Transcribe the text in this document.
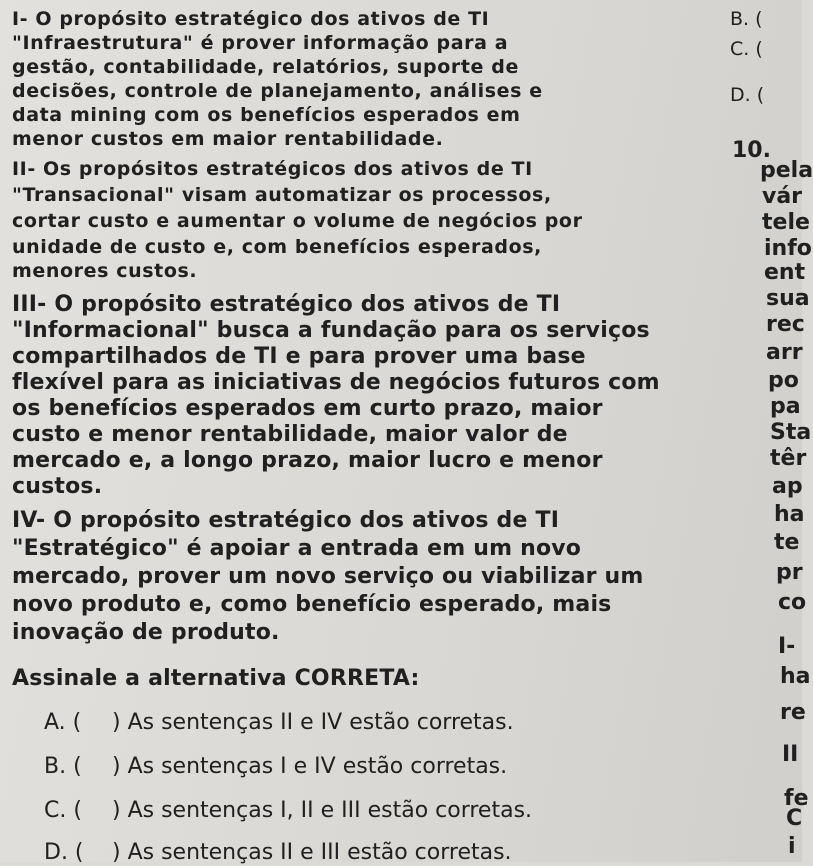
I- O propósito estratégico dos ativos de TI
"Infraestrutura" é prover informação para a
gestão, contabilidade, relatórios, suporte de
decisões, controle de planejamento, análises e
data mining com os benefícios esperados em
menor custos em maior rentabilidade.
II- Os propósitos estratégicos dos ativos de TI
"Transacional" visam automatizar os processos,
cortar custo e aumentar o volume de negócios por
unidade de custo e, com benefícios esperados,
menores custos.
III- O propósito estratégico dos ativos de TI
"Informacional" busca a fundação para os serviços
compartilhados de TI e para prover uma base
flexível para as iniciativas de negócios futuros com
os benefícios esperados em curto prazo, maior
custo e menor rentabilidade, maior valor de
mercado e, a longo prazo, maior lucro e menor
custos.
IV- O propósito estratégico dos ativos de TI
"Estratégico" é apoiar a entrada em um novo
mercado, prover um novo serviço ou viabilizar um
novo produto e, como benefício esperado, mais
inovação de produto.
Assinale a alternativa CORRETA:
A. ( ) As sentenças II e IV estão corretas.
B. ( ) As sentenças I e IV estão corretas.
C. ( ) As sentenças I, II e III estão corretas.
D. ( ) As sentenças II e III estão corretas.
B. (
C. (
D. (
10.
pela
vár
tele
info
ent
sua
rec
arr
po
pa
Sta
têr
ap
ha
te
pr
co
I-
ha
re
II
fe
C
i
